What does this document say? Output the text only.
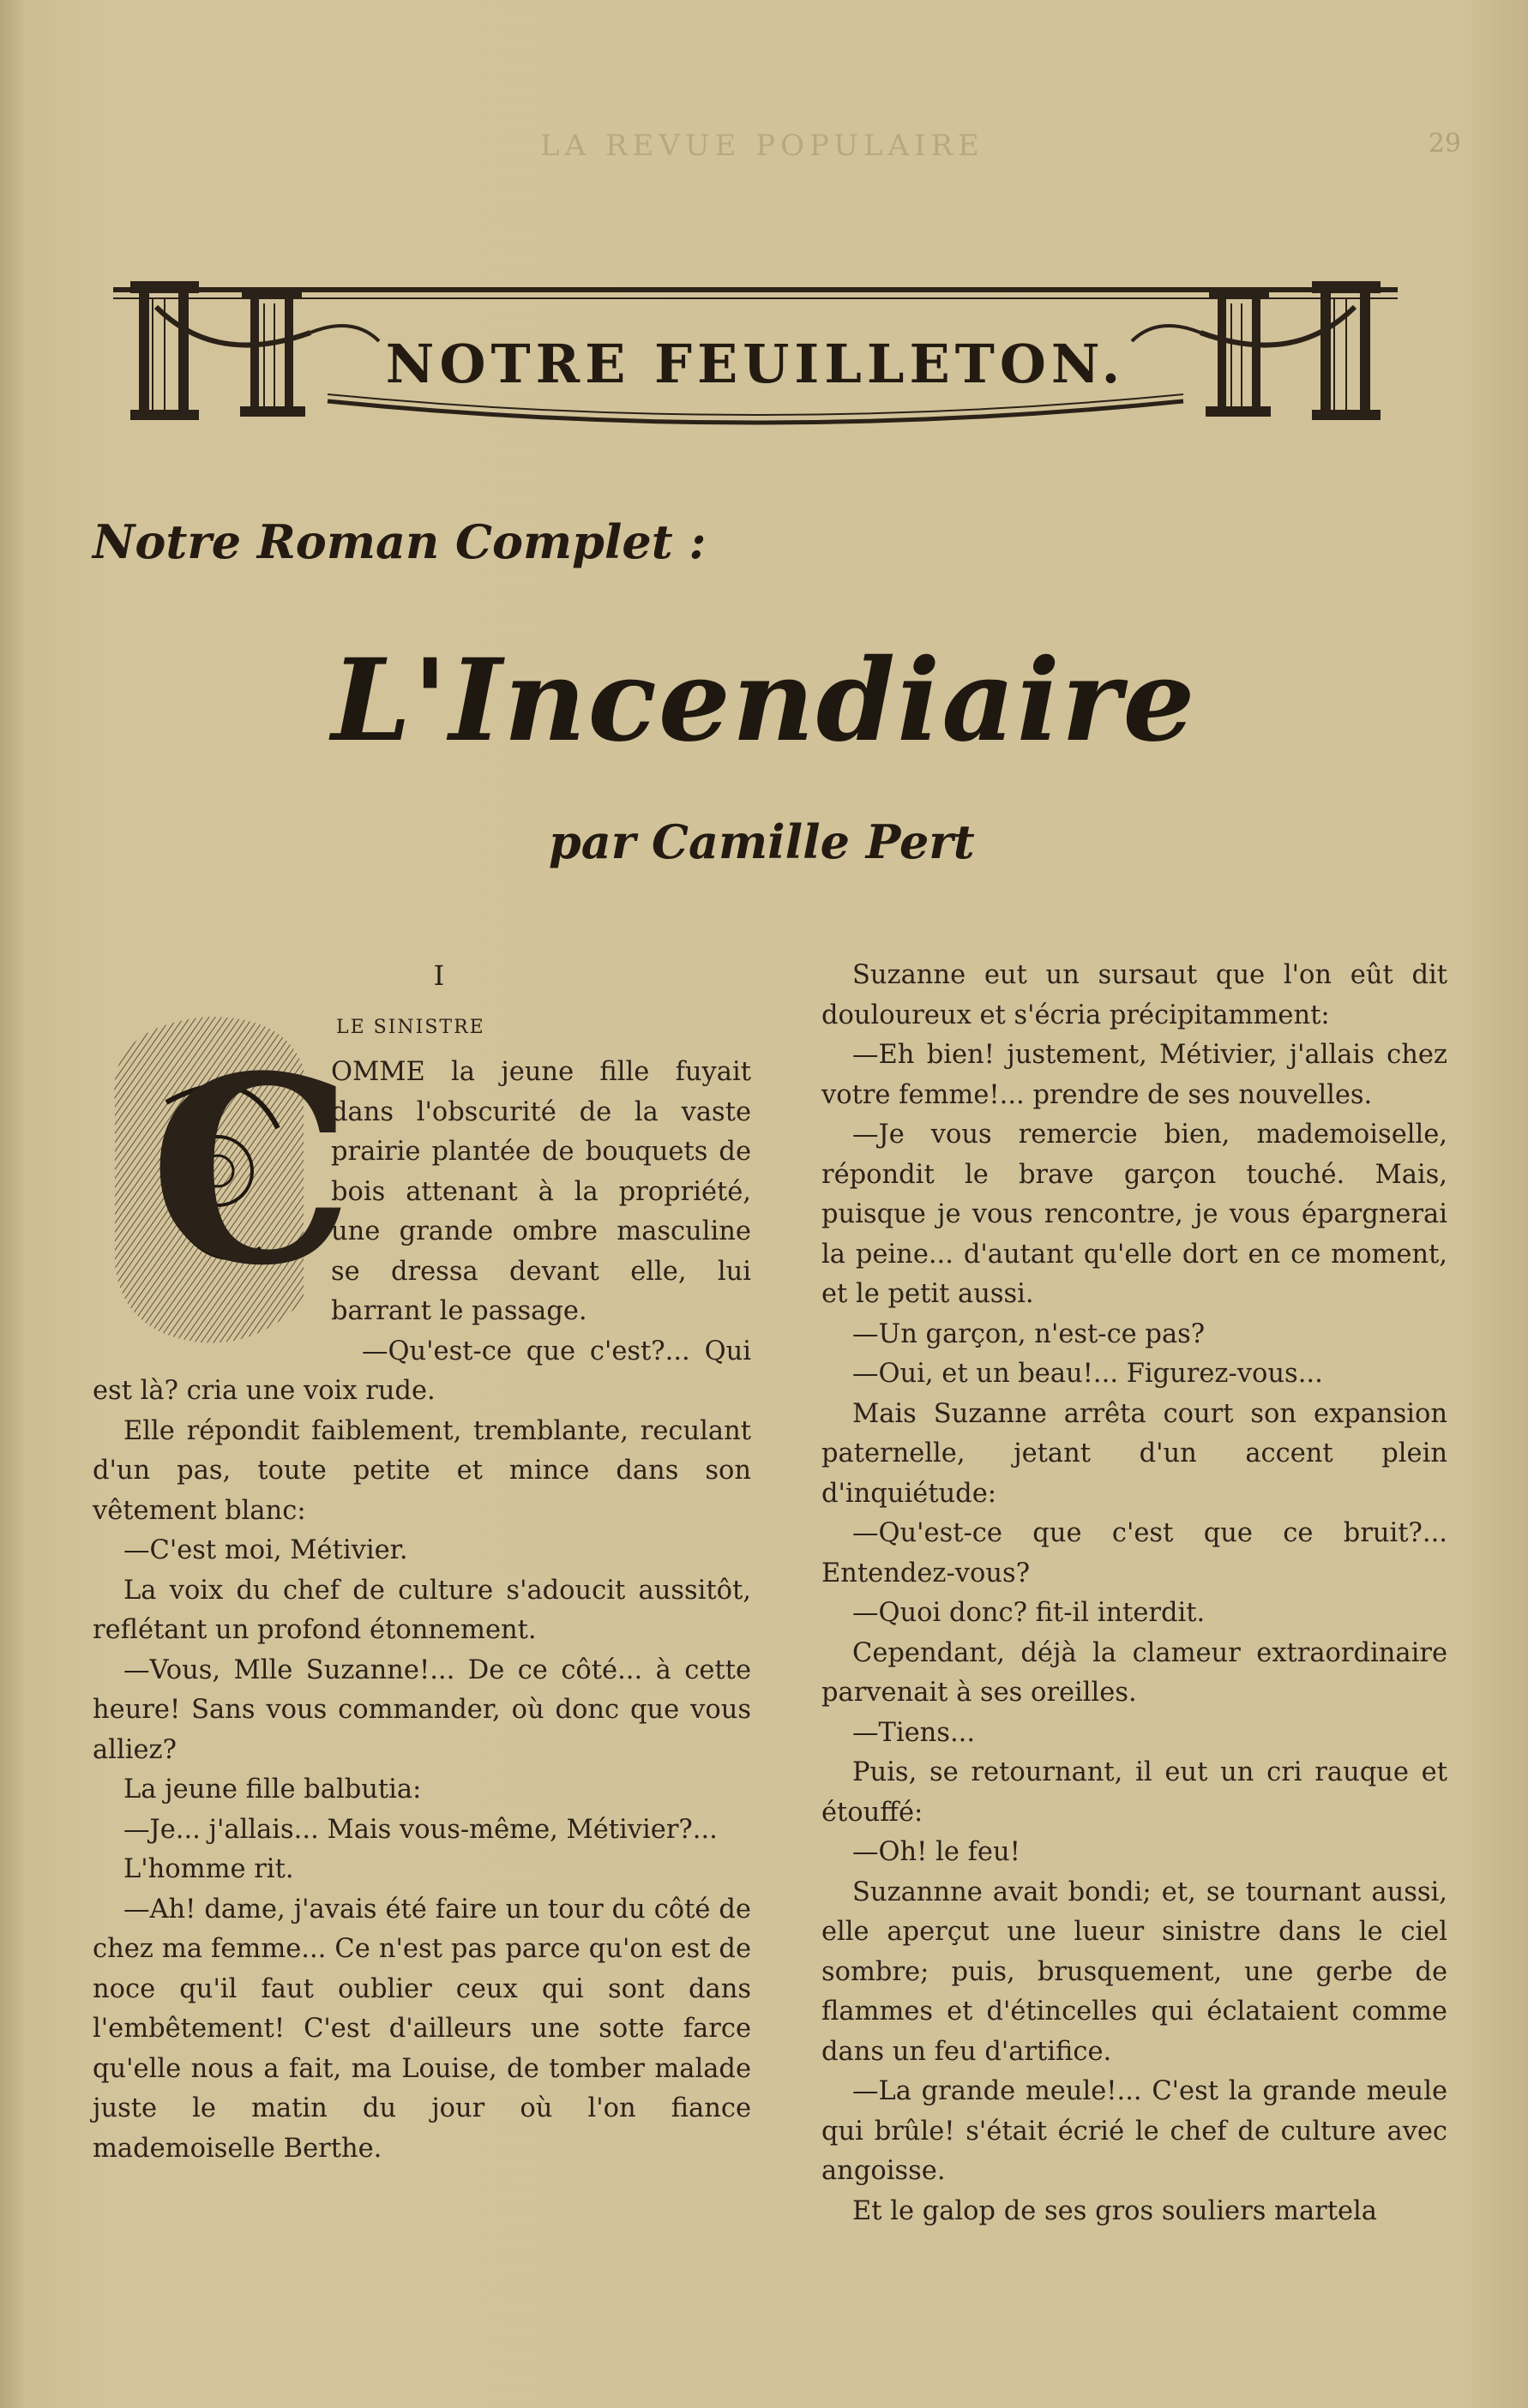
LA REVUE POPULAIRE	29
NOTRE FEUILLETON.
Notre Roman Complet :
L'Incendiaire
par Camille Pert

I

C

LE SINISTRE

OMME la jeune fille fuyait dans l'obscurité de la vaste prairie plantée de bouquets de bois attenant à la propriété, une grande ombre masculine se dressa devant elle, lui barrant le passage.

—Qu'est-ce que c'est?... Qui est là? cria une voix rude.

Elle répondit faiblement, tremblante, reculant d'un pas, toute petite et mince dans son vêtement blanc:

—C'est moi, Métivier.

La voix du chef de culture s'adoucit aussitôt, reflétant un profond étonnement.

—Vous, Mlle Suzanne!... De ce côté... à cette heure! Sans vous commander, où donc que vous alliez?

La jeune fille balbutia:

—Je... j'allais... Mais vous-même, Métivier?...

L'homme rit.

—Ah! dame, j'avais été faire un tour du côté de chez ma femme... Ce n'est pas parce qu'on est de noce qu'il faut oublier ceux qui sont dans l'embêtement! C'est d'ailleurs une sotte farce qu'elle nous a fait, ma Louise, de tomber malade juste le matin du jour où l'on fiance mademoiselle Berthe.

Suzanne eut un sursaut que l'on eût dit douloureux et s'écria précipitamment:

—Eh bien! justement, Métivier, j'allais chez votre femme!... prendre de ses nouvelles.

—Je vous remercie bien, mademoiselle, répondit le brave garçon touché. Mais, puisque je vous rencontre, je vous épargnerai la peine... d'autant qu'elle dort en ce moment, et le petit aussi.

—Un garçon, n'est-ce pas?

—Oui, et un beau!... Figurez-vous...

Mais Suzanne arrêta court son expansion paternelle, jetant d'un accent plein d'inquiétude:

—Qu'est-ce que c'est que ce bruit?... Entendez-vous?

—Quoi donc? fit-il interdit.

Cependant, déjà la clameur extraordinaire parvenait à ses oreilles.

—Tiens...

Puis, se retournant, il eut un cri rauque et étouffé:

—Oh! le feu!

Suzannne avait bondi; et, se tournant aussi, elle aperçut une lueur sinistre dans le ciel sombre; puis, brusquement, une gerbe de flammes et d'étincelles qui éclataient comme dans un feu d'artifice.

—La grande meule!... C'est la grande meule qui brûle! s'était écrié le chef de culture avec angoisse.

Et le galop de ses gros souliers martela
